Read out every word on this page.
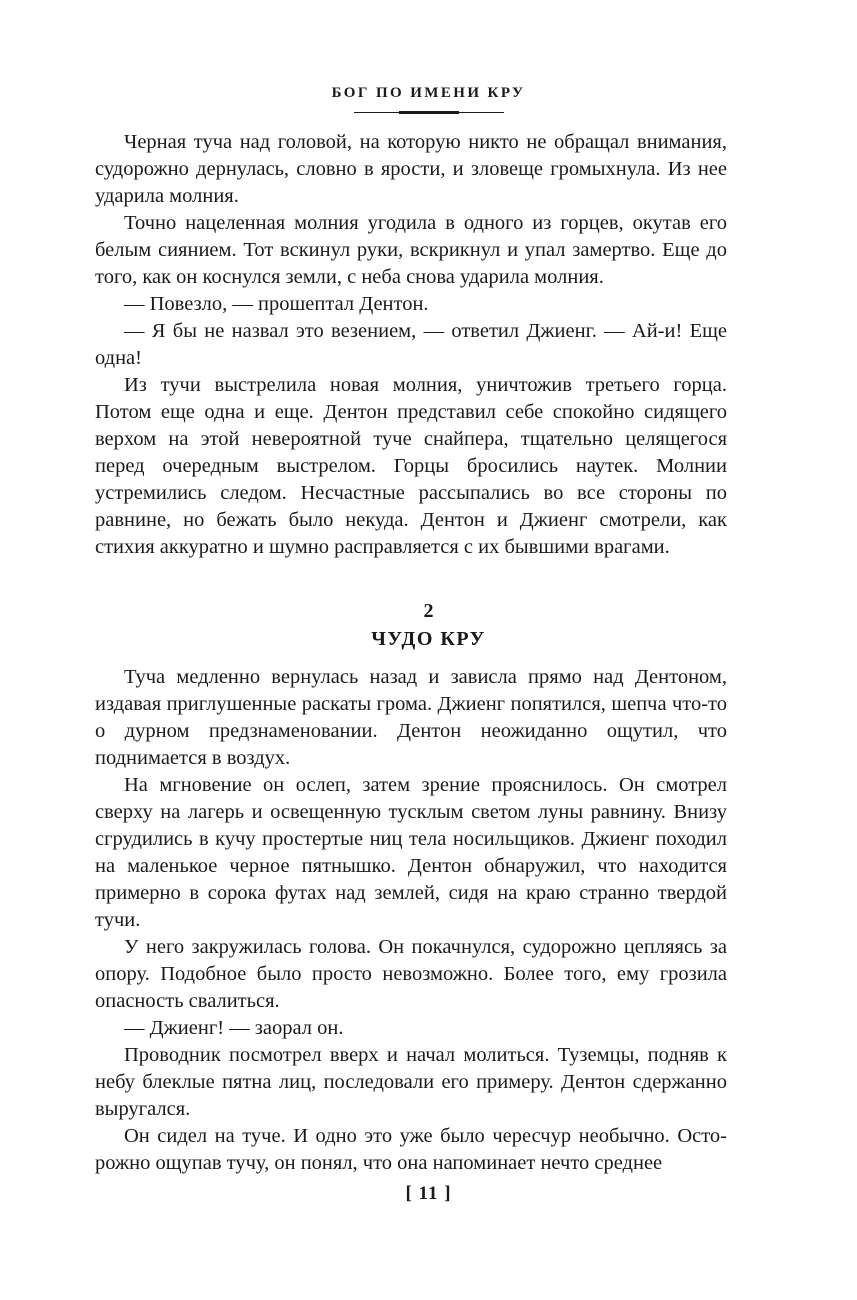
БОГ ПО ИМЕНИ КРУ

Черная туча над головой, на которую никто не обращал внимания, судорожно дернулась, словно в ярости, и зловеще громыхнула. Из нее ударила молния.

Точно нацеленная молния угодила в одного из горцев, окутав его белым сиянием. Тот вскинул руки, вскрикнул и упал замертво. Еще до того, как он коснулся земли, с неба снова ударила молния.

— Повезло, — прошептал Дентон.

— Я бы не назвал это везением, — ответил Джиенг. — Ай-и! Еще одна!

Из тучи выстрелила новая молния, уничтожив третьего горца. Потом еще одна и еще. Дентон представил себе спокойно сидящего верхом на этой невероятной туче снайпера, тщательно целящегося перед очередным выстрелом. Горцы бросились наутек. Молнии устремились следом. Несчастные рассыпались во все стороны по равнине, но бежать было некуда. Дентон и Джиенг смотрели, как стихия аккуратно и шумно расправляется с их бывшими врагами.

2
ЧУДО КРУ

Туча медленно вернулась назад и зависла прямо над Дентоном, издавая приглушенные раскаты грома. Джиенг попятился, шепча что-то о дурном предзнаменовании. Дентон неожиданно ощутил, что поднимается в воздух.

На мгновение он ослеп, затем зрение прояснилось. Он смотрел сверху на лагерь и освещенную тусклым светом луны равнину. Внизу сгрудились в кучу простертые ниц тела носильщиков. Джиенг походил на маленькое черное пятнышко. Дентон обнаружил, что находится примерно в сорока футах над землей, сидя на краю странно твердой тучи.

У него закружилась голова. Он покачнулся, судорожно цепляясь за опору. Подобное было просто невозможно. Более того, ему грозила опасность свалиться.

— Джиенг! — заорал он.

Проводник посмотрел вверх и начал молиться. Туземцы, подняв к небу блеклые пятна лиц, последовали его примеру. Дентон сдержанно выругался.

Он сидел на туче. И одно это уже было чересчур необычно. Осторожно ощупав тучу, он понял, что она напоминает нечто среднее

[ 11 ]
